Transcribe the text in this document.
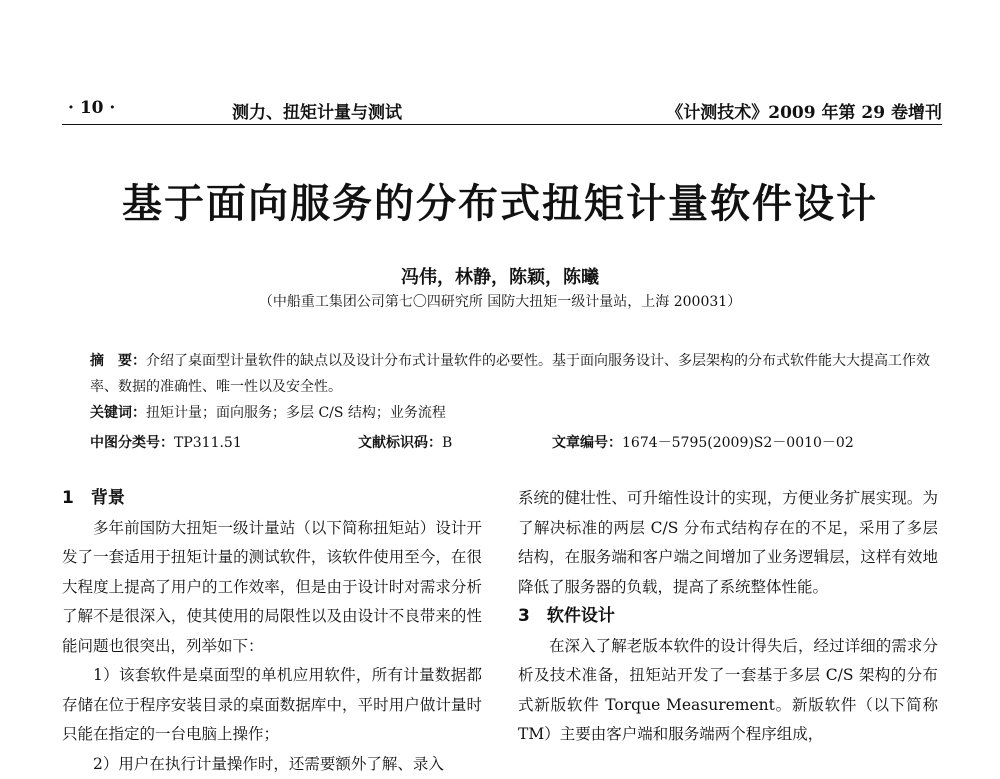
· 10 ·	测力、扭矩计量与测试	《计测技术》2009 年第 29 卷增刊
基于面向服务的分布式扭矩计量软件设计
冯伟，林静，陈颖，陈曦
（中船重工集团公司第七〇四研究所 国防大扭矩一级计量站，上海 200031）

摘　要：介绍了桌面型计量软件的缺点以及设计分布式计量软件的必要性。基于面向服务设计、多层架构的分布式软件能大大提高工作效率、数据的准确性、唯一性以及安全性。

关键词：扭矩计量；面向服务；多层 C/S 结构；业务流程

中图分类号：TP311.51	文献标识码：B	文章编号：1674－5795(2009)S2－0010－02

1　背景

多年前国防大扭矩一级计量站（以下简称扭矩站）设计开发了一套适用于扭矩计量的测试软件，该软件使用至今，在很大程度上提高了用户的工作效率，但是由于设计时对需求分析了解不是很深入，使其使用的局限性以及由设计不良带来的性能问题也很突出，列举如下：

1）该套软件是桌面型的单机应用软件，所有计量数据都存储在位于程序安装目录的桌面数据库中，平时用户做计量时只能在指定的一台电脑上操作；

2）用户在执行计量操作时，还需要额外了解、录入

系统的健壮性、可升缩性设计的实现，方便业务扩展实现。为了解决标准的两层 C/S 分布式结构存在的不足，采用了多层结构，在服务端和客户端之间增加了业务逻辑层，这样有效地降低了服务器的负载，提高了系统整体性能。

3　软件设计

在深入了解老版本软件的设计得失后，经过详细的需求分析及技术准备，扭矩站开发了一套基于多层 C/S 架构的分布式新版软件 Torque Measurement。新版软件（以下简称 TM）主要由客户端和服务端两个程序组成，
